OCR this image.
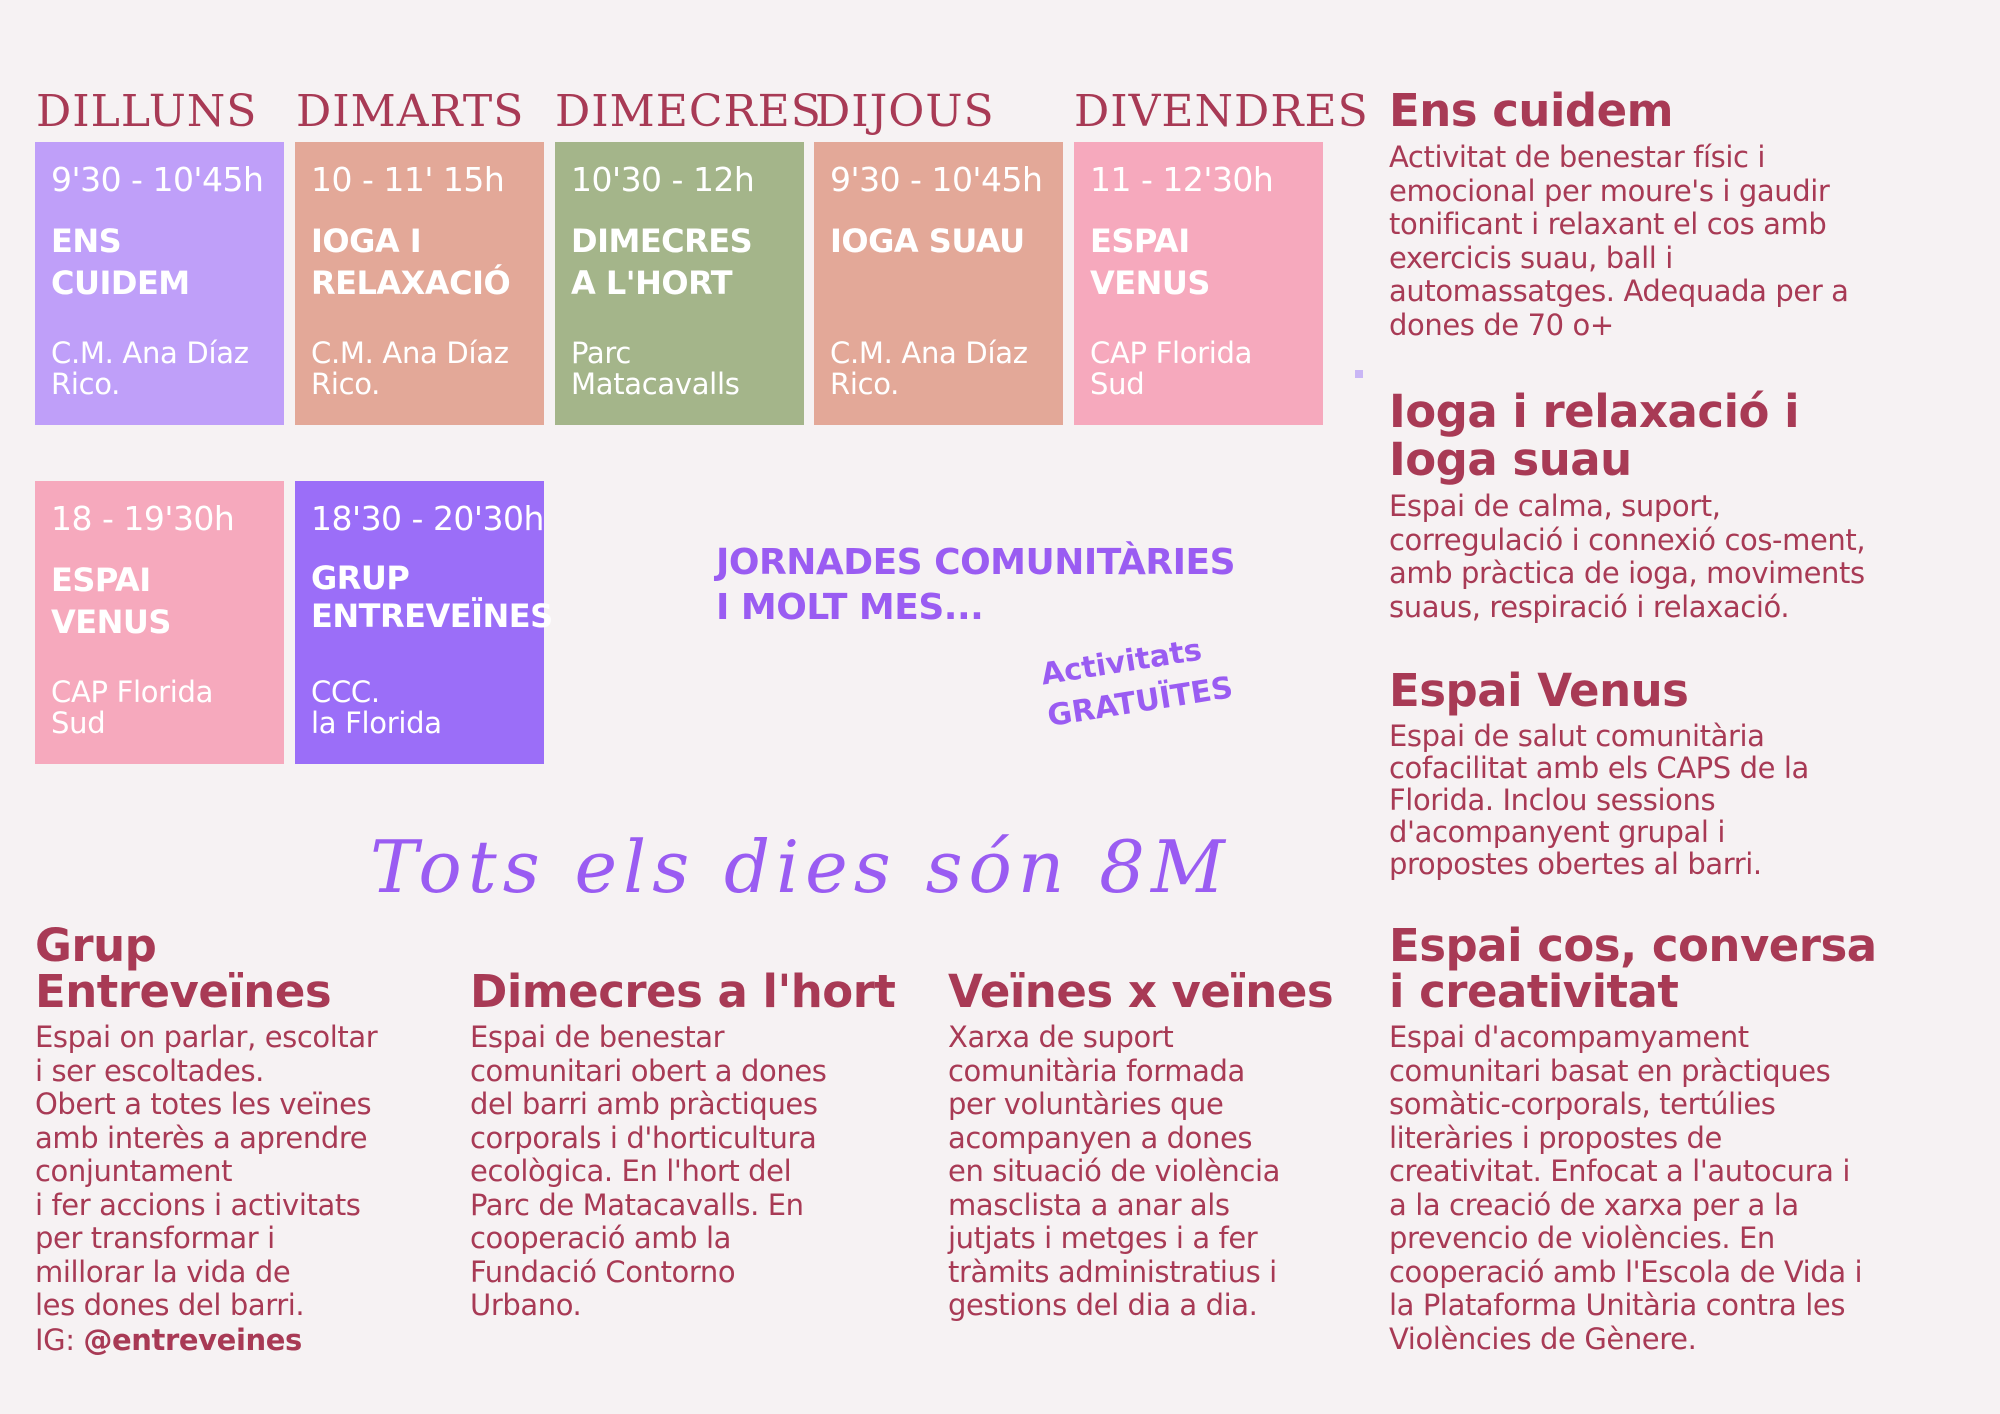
DILLUNS DIMARTS DIMECRES
DIJOUS DIVENDRES
9'30 - 10'45h
ENS CUIDEM
C.M. Ana Díaz
Rico.
10 - 11' 15h
IOGA I
RELAXACIÓ
C.M. Ana Díaz
Rico.
10'30 - 12h
DIMECRES
A L'HORT
Parc
Matacavalls
9'30 - 10'45h
IOGA SUAU
C.M. Ana Díaz
Rico.
11 - 12'30h
ESPAI VENUS
CAP Florida
Sud
18 - 19'30h
ESPAI VENUS
CAP Florida
Sud
18'30 - 20'30h
GRUP
ENTREVEÏNES
CCC.
la Florida
JORNADES COMUNITÀRIES
I MOLT MES...
Activitats
GRATUÏTES
Tots els dies són 8M
Ens cuidem

Activitat de benestar físic i
emocional per moure's i gaudir
tonificant i relaxant el cos amb
exercicis suau, ball i
automassatges. Adequada per a
dones de 70 o+

Ioga i relaxació i
Ioga suau

Espai de calma, suport,
corregulació i connexió cos-ment,
amb pràctica de ioga, moviments
suaus, respiració i relaxació.

Espai Venus

Espai de salut comunitària
cofacilitat amb els CAPS de la
Florida. Inclou sessions
d'acompanyent grupal i
propostes obertes al barri.

Espai cos, conversa
i creativitat

Espai d'acompamyament
comunitari basat en pràctiques
somàtic-corporals, tertúlies
literàries i propostes de
creativitat. Enfocat a l'autocura i
a la creació de xarxa per a la
prevencio de violències. En
cooperació amb l'Escola de Vida i
la Plataforma Unitària contra les
Violències de Gènere.

Grup
Entreveïnes

Espai on parlar, escoltar
i ser escoltades.
Obert a totes les veïnes
amb interès a aprendre
conjuntament
i fer accions i activitats
per transformar i
millorar la vida de
les dones del barri.

IG: @entreveines
Dimecres a l'hort

Espai de benestar
comunitari obert a dones
del barri amb pràctiques
corporals i d'horticultura
ecològica. En l'hort del
Parc de Matacavalls. En
cooperació amb la
Fundació Contorno
Urbano.

Veïnes x veïnes

Xarxa de suport
comunitària formada
per voluntàries que
acompanyen a dones
en situació de violència
masclista a anar als
jutjats i metges i a fer
tràmits administratius i
gestions del dia a dia.
